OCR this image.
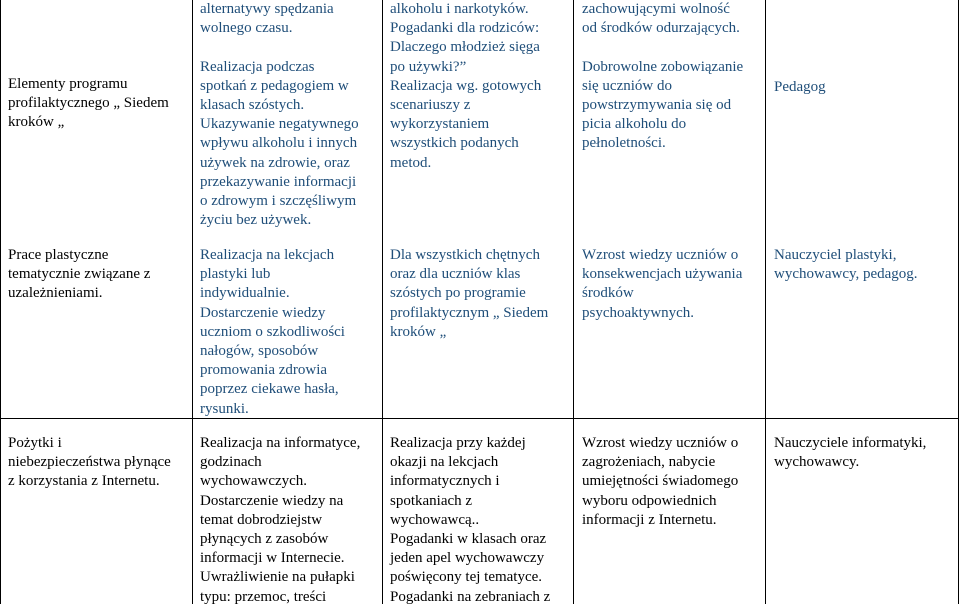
Elementy programu
profilaktycznego „ Siedem
kroków „
alternatywy spędzania
wolnego czasu.

Realizacja podczas
spotkań z pedagogiem w
klasach szóstych.
Ukazywanie negatywnego
wpływu alkoholu i innych
używek na zdrowie, oraz
przekazywanie informacji
o zdrowym i szczęśliwym
życiu bez używek.
alkoholu i narkotyków.
Pogadanki dla rodziców:
Dlaczego młodzież sięga
po używki?”
Realizacja wg. gotowych
scenariuszy z
wykorzystaniem
wszystkich podanych
metod.
zachowującymi wolność
od środków odurzających.

Dobrowolne zobowiązanie
się uczniów do
powstrzymywania się od
picia alkoholu do
pełnoletności.
Pedagog
Prace plastyczne
tematycznie związane z
uzależnieniami.
Realizacja na lekcjach
plastyki lub
indywidualnie.
Dostarczenie wiedzy
uczniom o szkodliwości
nałogów, sposobów
promowania zdrowia
poprzez ciekawe hasła,
rysunki.
Dla wszystkich chętnych
oraz dla uczniów klas
szóstych po programie
profilaktycznym „ Siedem
kroków „
Wzrost wiedzy uczniów o
konsekwencjach używania
środków
psychoaktywnych.
Nauczyciel plastyki,
wychowawcy, pedagog.
Pożytki i
niebezpieczeństwa płynące
z korzystania z Internetu.
Realizacja na informatyce,
godzinach
wychowawczych.
Dostarczenie wiedzy na
temat dobrodziejstw
płynących z zasobów
informacji w Internecie.
Uwrażliwienie na pułapki
typu: przemoc, treści
Realizacja przy każdej
okazji na lekcjach
informatycznych i
spotkaniach z
wychowawcą..
Pogadanki w klasach oraz
jeden apel wychowawczy
poświęcony tej tematyce.
Pogadanki na zebraniach z
Wzrost wiedzy uczniów o
zagrożeniach, nabycie
umiejętności świadomego
wyboru odpowiednich
informacji z Internetu.
Nauczyciele informatyki,
wychowawcy.
